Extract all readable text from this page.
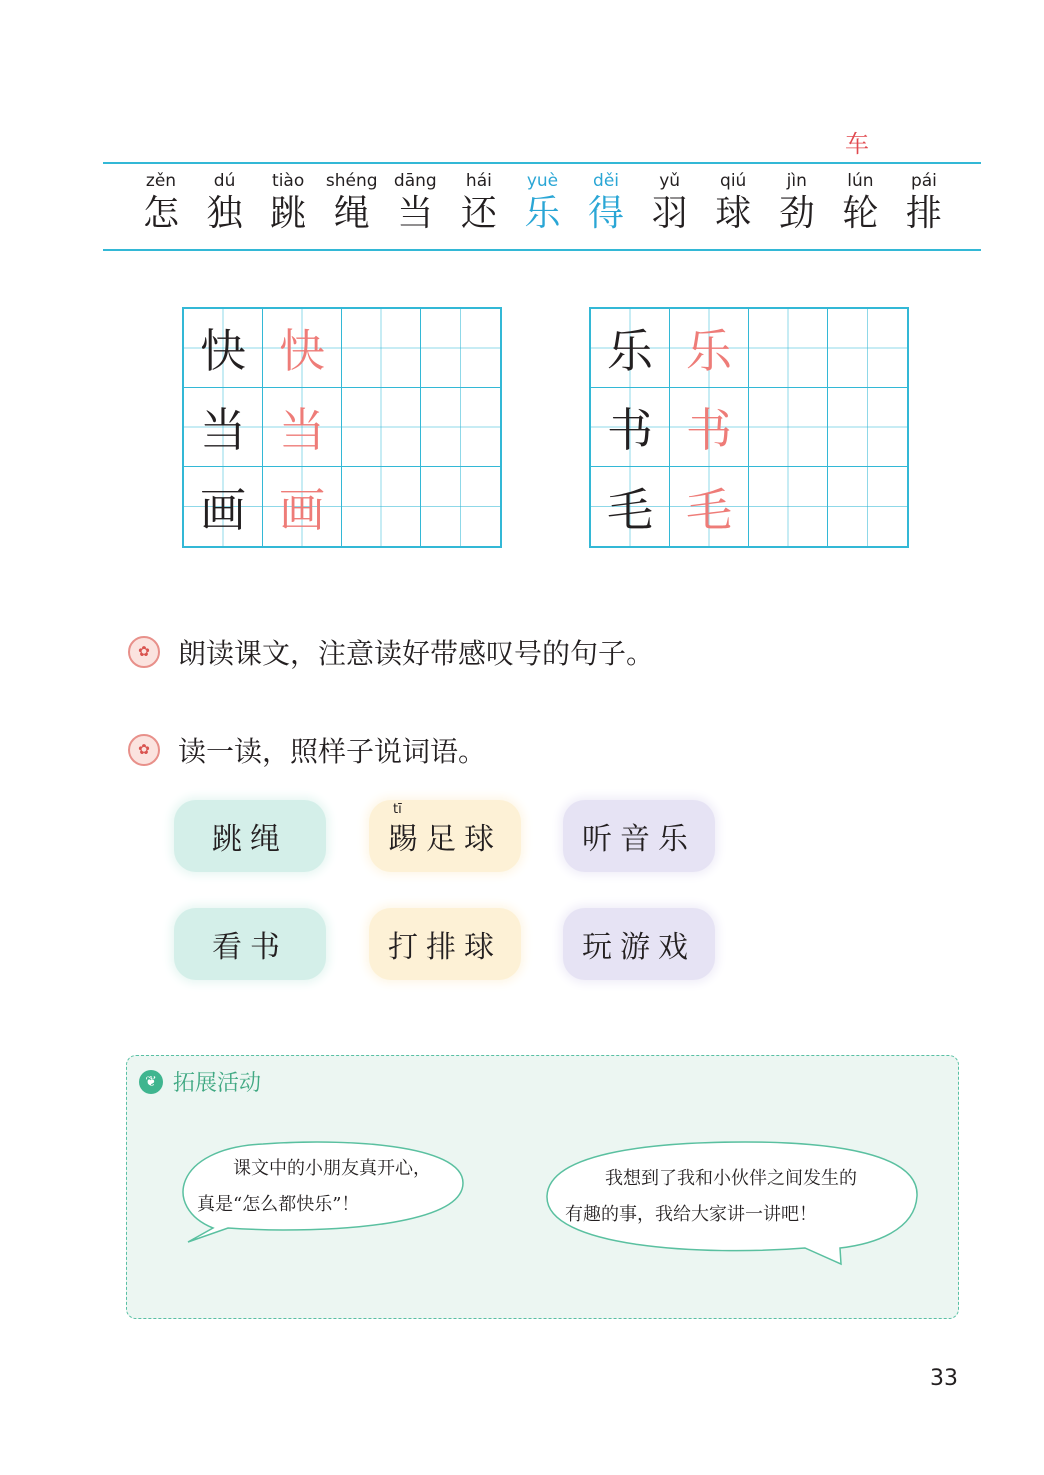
车
zěn
怎
dú
独
tiào
跳
shéng
绳
dāng
当
hái
还
yuè
乐
děi
得
yǔ
羽
qiú
球
jìn
劲
lún
轮
pái
排
快 快
当 当
画 画
乐 乐
书 书
毛 毛
✿	朗读课文，注意读好带感叹号的句子。
✿	读一读，照样子说词语。
跳绳
tī
踢足球	听音乐
看书	打排球	玩游戏
❦ 拓展活动
课文中的小朋友真开心，
真是“怎么都快乐”！
我想到了我和小伙伴之间发生的
有趣的事，我给大家讲一讲吧！
33
